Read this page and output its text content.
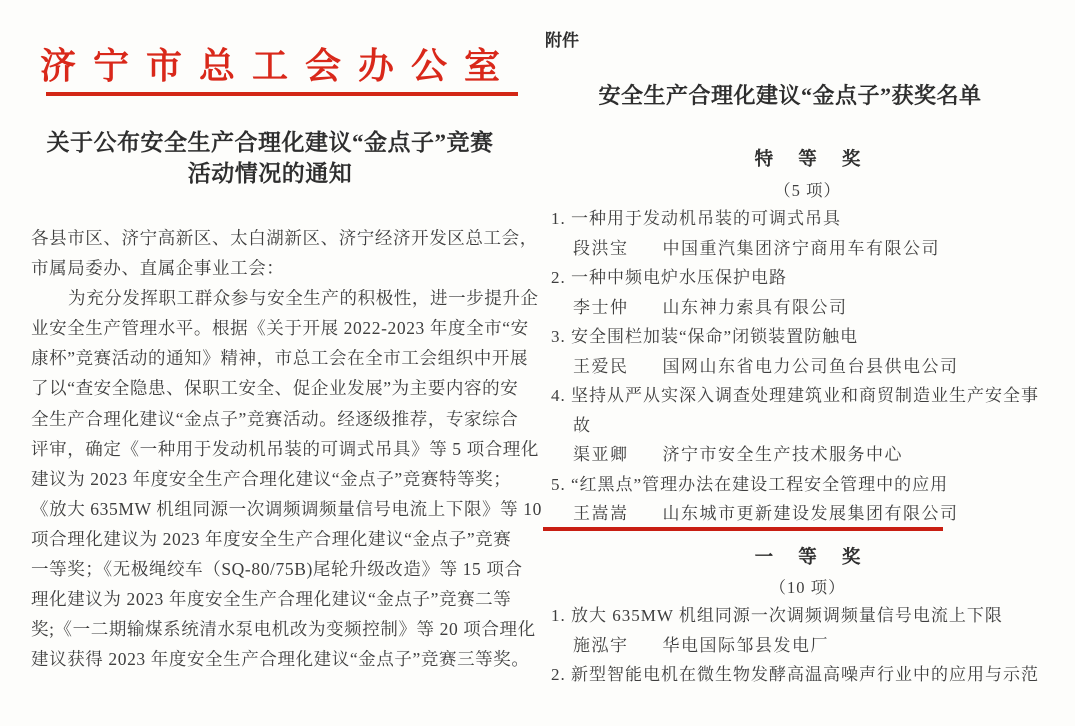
济宁市总工会办公室
关于公布安全生产合理化建议“金点子”竞赛
活动情况的通知
各县市区、济宁高新区、太白湖新区、济宁经济开发区总工会，
市属局委办、直属企事业工会：
为充分发挥职工群众参与安全生产的积极性，进一步提升企
业安全生产管理水平。根据《关于开展 2022-2023 年度全市“安
康杯”竞赛活动的通知》精神，市总工会在全市工会组织中开展
了以“查安全隐患、保职工安全、促企业发展”为主要内容的安
全生产合理化建议“金点子”竞赛活动。经逐级推荐，专家综合
评审，确定《一种用于发动机吊装的可调式吊具》等 5 项合理化
建议为 2023 年度安全生产合理化建议“金点子”竞赛特等奖；
《放大 635MW 机组同源一次调频调频量信号电流上下限》等 10
项合理化建议为 2023 年度安全生产合理化建议“金点子”竞赛
一等奖；《无极绳绞车（SQ-80/75B)尾轮升级改造》等 15 项合
理化建议为 2023 年度安全生产合理化建议“金点子”竞赛二等
奖;《一二期输煤系统清水泵电机改为变频控制》等 20 项合理化
建议获得 2023 年度安全生产合理化建议“金点子”竞赛三等奖。
附件
安全生产合理化建议“金点子”获奖名单
特 等 奖
（5 项）
1. 一种用于发动机吊装的可调式吊具
段洪宝 中国重汽集团济宁商用车有限公司
2. 一种中频电炉水压保护电路
李士仲 山东神力索具有限公司
3. 安全围栏加装“保命”闭锁装置防触电
王爱民 国网山东省电力公司鱼台县供电公司
4. 坚持从严从实深入调查处理建筑业和商贸制造业生产安全事
故
渠亚卿 济宁市安全生产技术服务中心
5. “红黑点”管理办法在建设工程安全管理中的应用
王嵩嵩 山东城市更新建设发展集团有限公司
一 等 奖
（10 项）
1. 放大 635MW 机组同源一次调频调频量信号电流上下限
施泓宇 华电国际邹县发电厂
2. 新型智能电机在微生物发酵高温高噪声行业中的应用与示范
